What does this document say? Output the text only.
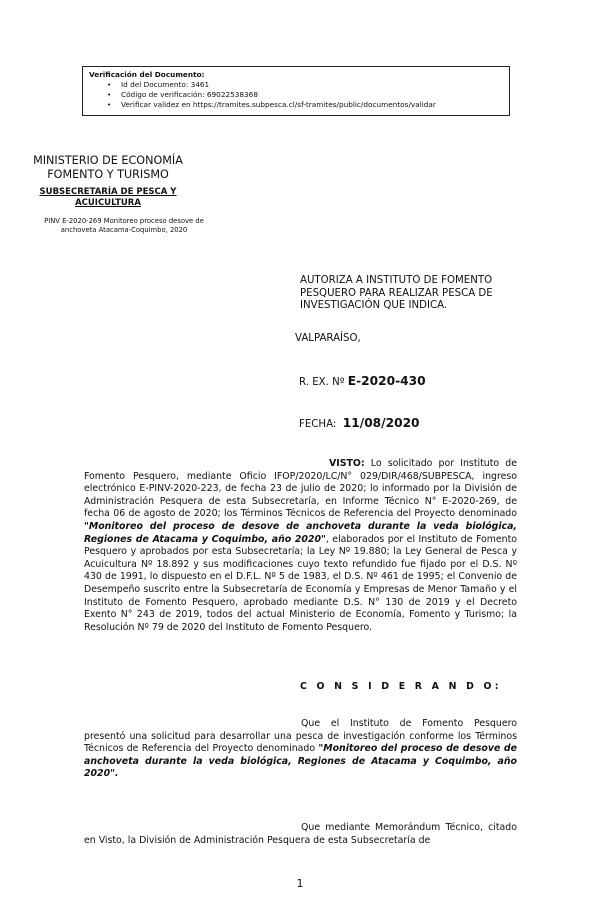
Verificación del Documento:
• Id del Documento: 3461
• Código de verificación: 69022538368
• Verificar validez en https://tramites.subpesca.cl/sf-tramites/public/documentos/validar
MINISTERIO DE ECONOMÍA
FOMENTO Y TURISMO
SUBSECRETARÍA DE PESCA Y
ACUICULTURA
PINV E-2020-269 Monitoreo proceso desove de
anchoveta Atacama-Coquimbo, 2020
AUTORIZA A INSTITUTO DE FOMENTO
PESQUERO PARA REALIZAR PESCA DE
INVESTIGACIÓN QUE INDICA.
VALPARAÍSO,
R. EX. Nº E-2020-430
FECHA: 11/08/2020
VISTO: Lo solicitado por Instituto de Fomento Pesquero, mediante Oficio IFOP/2020/LC/N° 029/DIR/468/SUBPESCA, ingreso electrónico E-PINV-2020-223, de fecha 23 de julio de 2020; lo informado por la División de Administración Pesquera de esta Subsecretaría, en Informe Técnico N° E-2020-269, de fecha 06 de agosto de 2020; los Términos Técnicos de Referencia del Proyecto denominado "Monitoreo del proceso de desove de anchoveta durante la veda biológica, Regiones de Atacama y Coquimbo, año 2020", elaborados por el Instituto de Fomento Pesquero y aprobados por esta Subsecretaría; la Ley Nº 19.880; la Ley General de Pesca y Acuicultura Nº 18.892 y sus modificaciones cuyo texto refundido fue fijado por el D.S. Nº 430 de 1991, lo dispuesto en el D.F.L. Nº 5 de 1983, el D.S. Nº 461 de 1995; el Convenio de Desempeño suscrito entre la Subsecretaría de Economía y Empresas de Menor Tamaño y el Instituto de Fomento Pesquero, aprobado mediante D.S. N° 130 de 2019 y el Decreto Exento N° 243 de 2019, todos del actual Ministerio de Economía, Fomento y Turismo; la Resolución Nº 79 de 2020 del Instituto de Fomento Pesquero.
C O N S I D E R A N D O:
Que el Instituto de Fomento Pesquero presentó una solicitud para desarrollar una pesca de investigación conforme los Términos Técnicos de Referencia del Proyecto denominado "Monitoreo del proceso de desove de anchoveta durante la veda biológica, Regiones de Atacama y Coquimbo, año 2020".
Que mediante Memorándum Técnico, citado en Visto, la División de Administración Pesquera de esta Subsecretaría de
1
